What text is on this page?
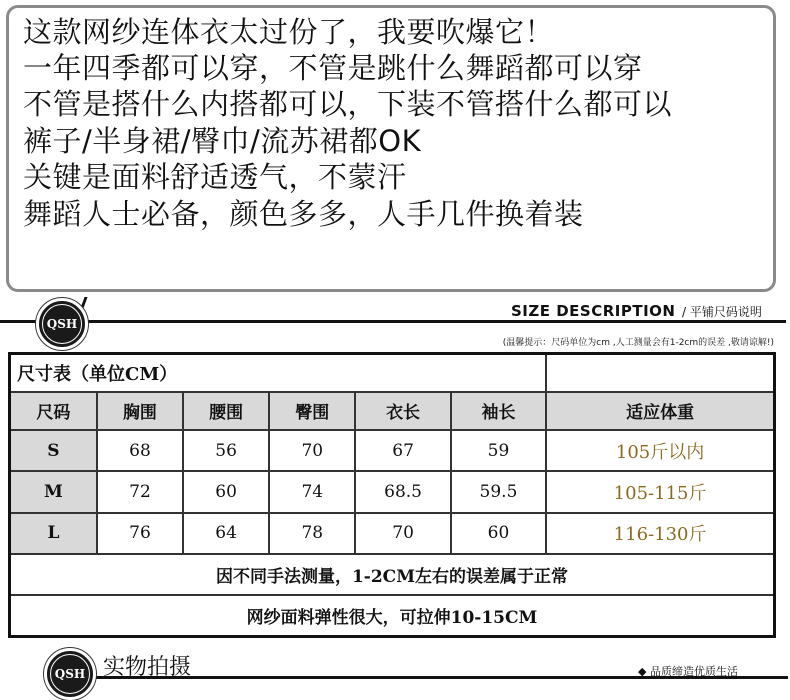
这款网纱连体衣太过份了，我要吹爆它！
一年四季都可以穿，不管是跳什么舞蹈都可以穿
不管是搭什么内搭都可以，下装不管搭什么都可以
裤子/半身裙/臀巾/流苏裙都OK
关键是面料舒适透气，不蒙汗
舞蹈人士必备，颜色多多，人手几件换着装
QSH
SIZE DESCRIPTION / 平铺尺码说明
(温馨提示：尺码单位为cm ,人工测量会有1-2cm的误差 ,敬请谅解!)
尺寸表（单位CM）						
尺码	胸围	腰围	臀围	衣长	袖长	适应体重
S	68	56	70	67	59	105斤以内
M	72	60	74	68.5	59.5	105-115斤
L	76	64	78	70	60	116-130斤
因不同手法测量，1-2CM左右的误差属于正常						
网纱面料弹性很大，可拉伸10-15CM						
QSH 实物拍摄	◆ 品质缔造优质生活
